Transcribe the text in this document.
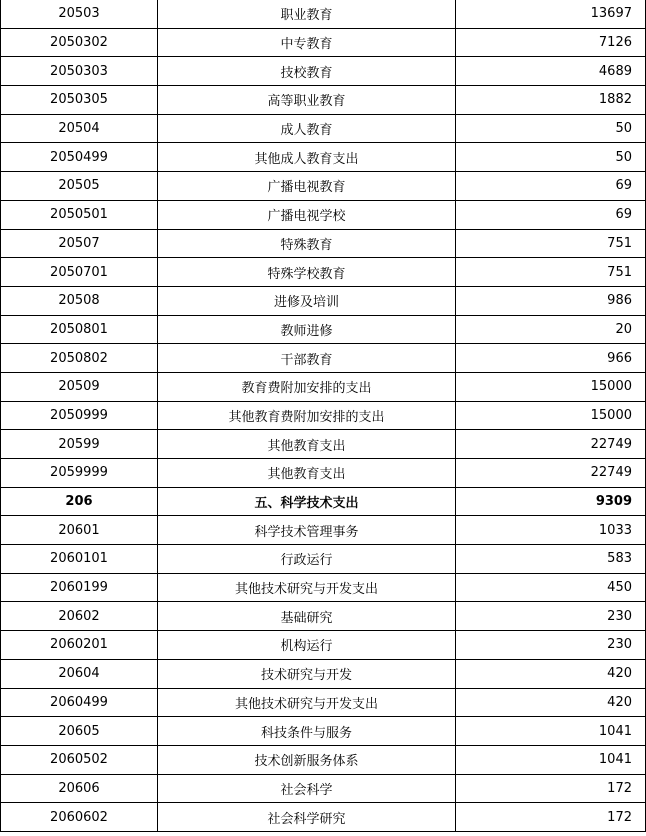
20503	职业教育	13697
2050302	中专教育	7126
2050303	技校教育	4689
2050305	高等职业教育	1882
20504	成人教育	50
2050499	其他成人教育支出	50
20505	广播电视教育	69
2050501	广播电视学校	69
20507	特殊教育	751
2050701	特殊学校教育	751
20508	进修及培训	986
2050801	教师进修	20
2050802	干部教育	966
20509	教育费附加安排的支出	15000
2050999	其他教育费附加安排的支出	15000
20599	其他教育支出	22749
2059999	其他教育支出	22749
206	五、科学技术支出	9309
20601	科学技术管理事务	1033
2060101	行政运行	583
2060199	其他技术研究与开发支出	450
20602	基础研究	230
2060201	机构运行	230
20604	技术研究与开发	420
2060499	其他技术研究与开发支出	420
20605	科技条件与服务	1041
2060502	技术创新服务体系	1041
20606	社会科学	172
2060602	社会科学研究	172
